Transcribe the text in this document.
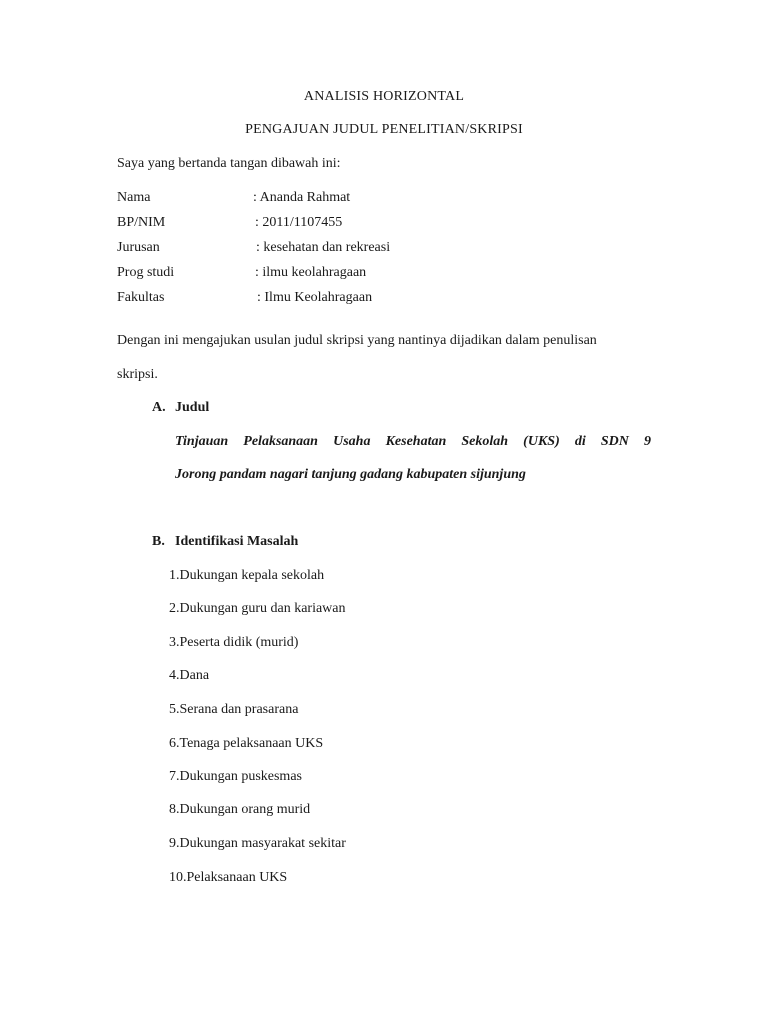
ANALISIS HORIZONTAL
PENGAJUAN JUDUL PENELITIAN/SKRIPSI
Saya yang bertanda tangan dibawah ini:
Nama	: Ananda Rahmat
BP/NIM	: 2011/1107455
Jurusan	: kesehatan dan rekreasi
Prog studi	: ilmu keolahragaan
Fakultas	: Ilmu Keolahragaan
Dengan ini mengajukan usulan judul skripsi yang nantinya dijadikan dalam penulisan
skripsi.
A. Judul
Tinjauan Pelaksanaan Usaha Kesehatan Sekolah (UKS) di SDN 9
Jorong pandam nagari tanjung gadang kabupaten sijunjung
B. Identifikasi Masalah
1.Dukungan kepala sekolah
2.Dukungan guru dan kariawan
3.Peserta didik (murid)
4.Dana
5.Serana dan prasarana
6.Tenaga pelaksanaan UKS
7.Dukungan puskesmas
8.Dukungan orang murid
9.Dukungan masyarakat sekitar
10.Pelaksanaan UKS
